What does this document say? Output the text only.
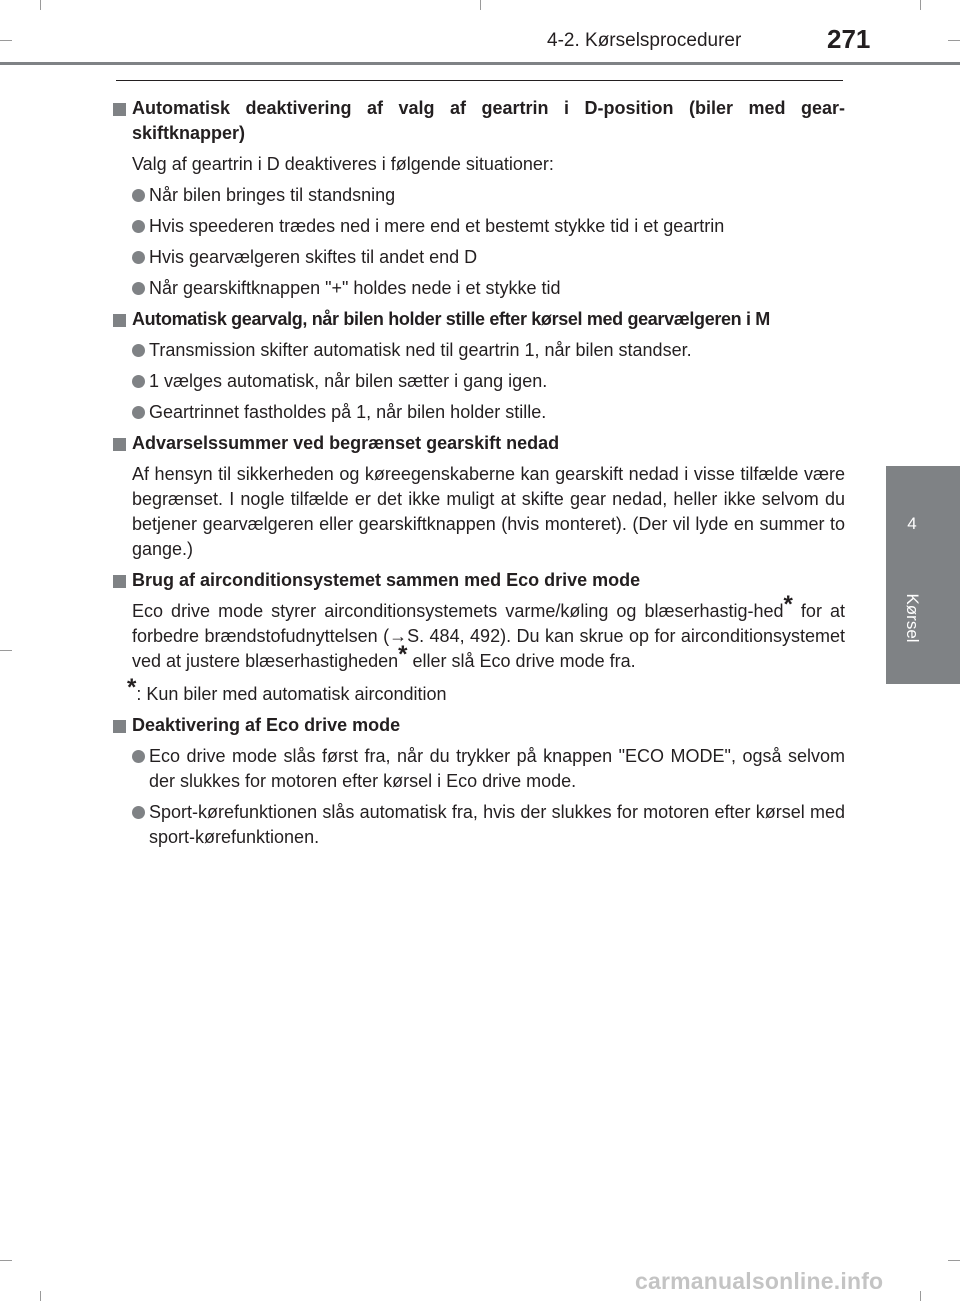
4-2. Kørselsprocedurer	271
4
Kørsel
Automatisk deaktivering af valg af geartrin i D-position (biler med gear-skiftknapper)
Valg af geartrin i D deaktiveres i følgende situationer:
Når bilen bringes til standsning
Hvis speederen trædes ned i mere end et bestemt stykke tid i et geartrin
Hvis gearvælgeren skiftes til andet end D
Når gearskiftknappen "+" holdes nede i et stykke tid
Automatisk gearvalg, når bilen holder stille efter kørsel med gearvælgeren i M
Transmission skifter automatisk ned til geartrin 1, når bilen standser.
1 vælges automatisk, når bilen sætter i gang igen.
Geartrinnet fastholdes på 1, når bilen holder stille.
Advarselssummer ved begrænset gearskift nedad
Af hensyn til sikkerheden og køreegenskaberne kan gearskift nedad i visse tilfælde være begrænset. I nogle tilfælde er det ikke muligt at skifte gear nedad, heller ikke selvom du betjener gearvælgeren eller gearskiftknappen (hvis monteret). (Der vil lyde en summer to gange.)
Brug af airconditionsystemet sammen med Eco drive mode
Eco drive mode styrer airconditionsystemets varme/køling og blæserhastig-hed* for at forbedre brændstofudnyttelsen (→S. 484, 492). Du kan skrue op for airconditionsystemet ved at justere blæserhastigheden* eller slå Eco drive mode fra.
*: Kun biler med automatisk aircondition
Deaktivering af Eco drive mode
Eco drive mode slås først fra, når du trykker på knappen "ECO MODE", også selvom der slukkes for motoren efter kørsel i Eco drive mode.
Sport-kørefunktionen slås automatisk fra, hvis der slukkes for motoren efter kørsel med sport-kørefunktionen.
carmanualsonline.info
